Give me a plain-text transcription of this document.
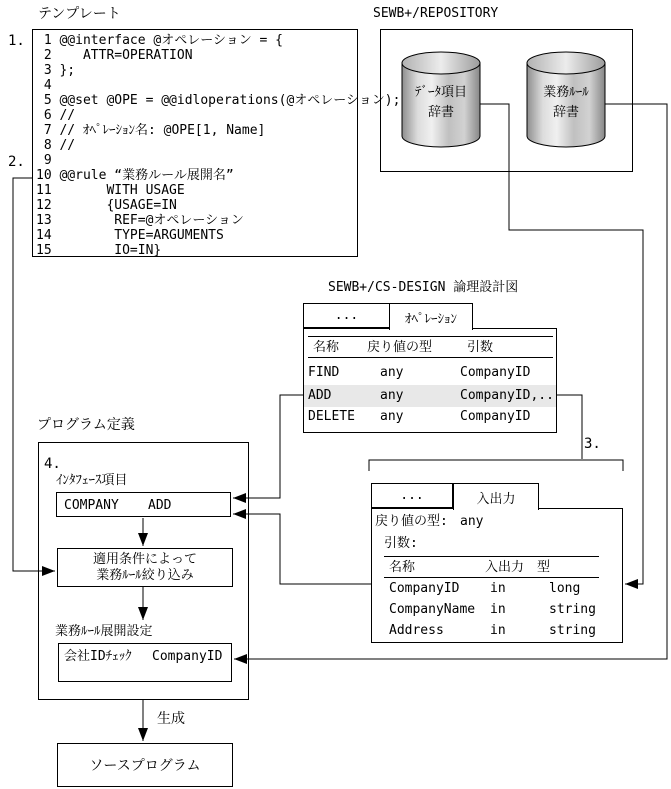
1.
2.
3.
4.
テンプレート
1 @@interface @オペレーション = {
2    ATTR=OPERATION
3 };
4
5 @@set @OPE = @@idloperations(@オペレーション);
6 //
7 // ｵﾍﾟﾚｰｼｮﾝ名: @OPE[1, Name]
8 //
9
10 @@rule “業務ルール展開名”
11       WITH USAGE
12       {USAGE=IN
13        REF=@オペレーション
14        TYPE=ARGUMENTS
15        IO=IN}
SEWB+/REPOSITORY
ﾃﾞｰﾀ項目
辞書
業務ﾙｰﾙ
辞書
SEWB+/CS-DESIGN 論理設計図
...	ｵﾍﾟﾚｰｼｮﾝ
名称 戻り値の型	引数
FIND	any	CompanyID
ADD	any	CompanyID,..
DELETE any	CompanyID
...	入出力
戻り値の型: any
引数:
名称	入出力 型
CompanyID in	long
CompanyName in	string
Address	in	string
プログラム定義
ｲﾝﾀﾌｪｰｽ項目
COMPANY ADD
適用条件によって
業務ﾙｰﾙ絞り込み
業務ﾙｰﾙ展開設定
会社IDﾁｪｯｸ CompanyID
生成
ソースプログラム
